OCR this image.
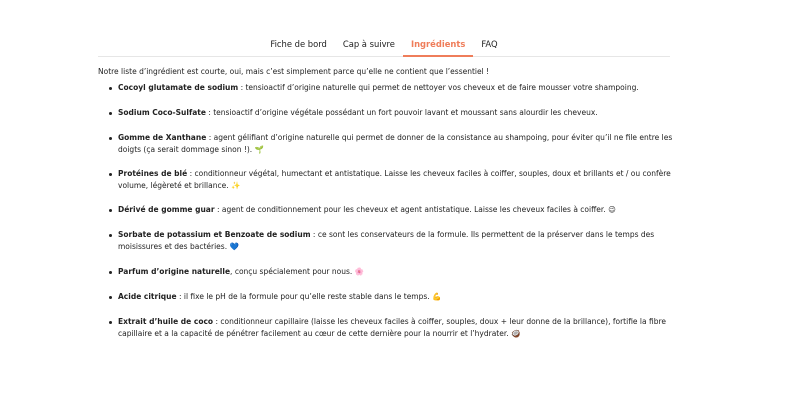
Fiche de bord	Cap à suivre	Ingrédients	FAQ

Notre liste d’ingrédient est courte, oui, mais c’est simplement parce qu’elle ne contient que l’essentiel !

Cocoyl glutamate de sodium : tensioactif d’origine naturelle qui permet de nettoyer vos cheveux et de faire mousser votre shampoing.
Sodium Coco-Sulfate : tensioactif d’origine végétale possédant un fort pouvoir lavant et moussant sans alourdir les cheveux.
Gomme de Xanthane : agent gélifiant d’origine naturelle qui permet de donner de la consistance au shampoing, pour éviter qu’il ne file entre les doigts (ça serait dommage sinon !). 🌱
Protéines de blé : conditionneur végétal, humectant et antistatique. Laisse les cheveux faciles à coiffer, souples, doux et brillants et / ou confère volume, légèreté et brillance. ✨
Dérivé de gomme guar : agent de conditionnement pour les cheveux et agent antistatique. Laisse les cheveux faciles à coiffer. 😉
Sorbate de potassium et Benzoate de sodium : ce sont les conservateurs de la formule. Ils permettent de la préserver dans le temps des moisissures et des bactéries. 💙
Parfum d’origine naturelle, conçu spécialement pour nous. 🌸
Acide citrique : il fixe le pH de la formule pour qu’elle reste stable dans le temps. 💪
Extrait d’huile de coco : conditionneur capillaire (laisse les cheveux faciles à coiffer, souples, doux + leur donne de la brillance), fortifie la fibre capillaire et a la capacité de pénétrer facilement au cœur de cette dernière pour la nourrir et l’hydrater. 🥥
